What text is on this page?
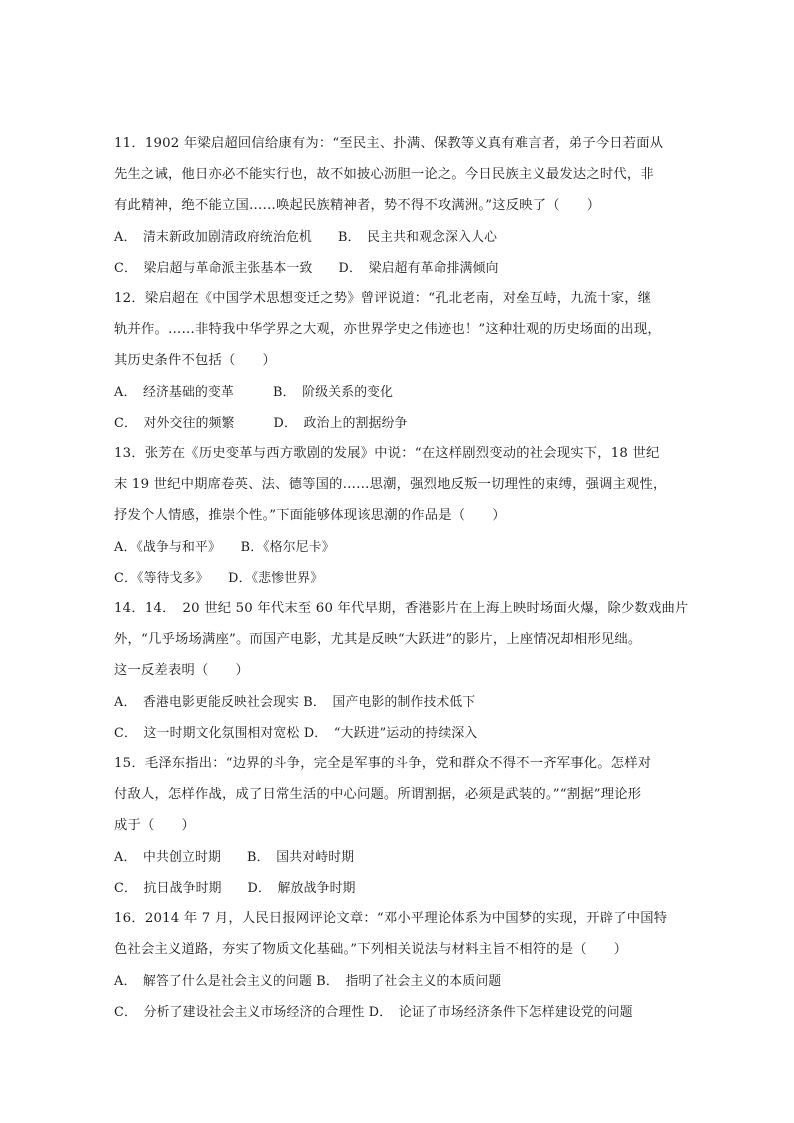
11．1902 年梁启超回信给康有为：“至民主、扑满、保教等义真有难言者，弟子今日若面从
先生之诫，他日亦必不能实行也，故不如披心沥胆一论之。今日民族主义最发达之时代，非
有此精神，绝不能立国……唤起民族精神者，势不得不攻满洲。”这反映了（　　）
A．　清末新政加剧清政府统治危机　　B．　民主共和观念深入人心
C．　梁启超与革命派主张基本一致　　D．　梁启超有革命排满倾向
12．梁启超在《中国学术思想变迁之势》曾评说道：“孔北老南，对垒互峙，九流十家，继
轨并作。……非特我中华学界之大观，亦世界学史之伟迹也！”这种壮观的历史场面的出现，
其历史条件不包括（　　）
A．　经济基础的变革　　　B．　阶级关系的变化
C．　对外交往的频繁　　　D．　政治上的割据纷争
13．张芳在《历史变革与西方歌剧的发展》中说：“在这样剧烈变动的社会现实下，18 世纪
末 19 世纪中期席卷英、法、德等国的……思潮，强烈地反叛一切理性的束缚，强调主观性，
抒发个人情感，推崇个性。”下面能够体现该思潮的作品是（　　）
A．《战争与和平》　　B．《格尔尼卡》
C．《等待戈多》　　D．《悲惨世界》
14．14．　20 世纪 50 年代末至 60 年代早期，香港影片在上海上映时场面火爆，除少数戏曲片
外，“几乎场场满座”。而国产电影，尤其是反映“大跃进”的影片，上座情况却相形见绌。
这一反差表明（　　）
A．　香港电影更能反映社会现实 B．　国产电影的制作技术低下
C．　这一时期文化氛围相对宽松 D．　“大跃进”运动的持续深入
15．毛泽东指出：“边界的斗争，完全是军事的斗争，党和群众不得不一齐军事化。怎样对
付敌人，怎样作战，成了日常生活的中心问题。所谓割据，必须是武装的。”“割据”理论形
成于（　　）
A．　中共创立时期　　B．　国共对峙时期
C．　抗日战争时期　　D．　解放战争时期
16．2014 年 7 月，人民日报网评论文章：“邓小平理论体系为中国梦的实现，开辟了中国特
色社会主义道路，夯实了物质文化基础。”下列相关说法与材料主旨不相符的是（　　）
A．　解答了什么是社会主义的问题 B．　指明了社会主义的本质问题
C．　分析了建设社会主义市场经济的合理性 D．　论证了市场经济条件下怎样建设党的问题
